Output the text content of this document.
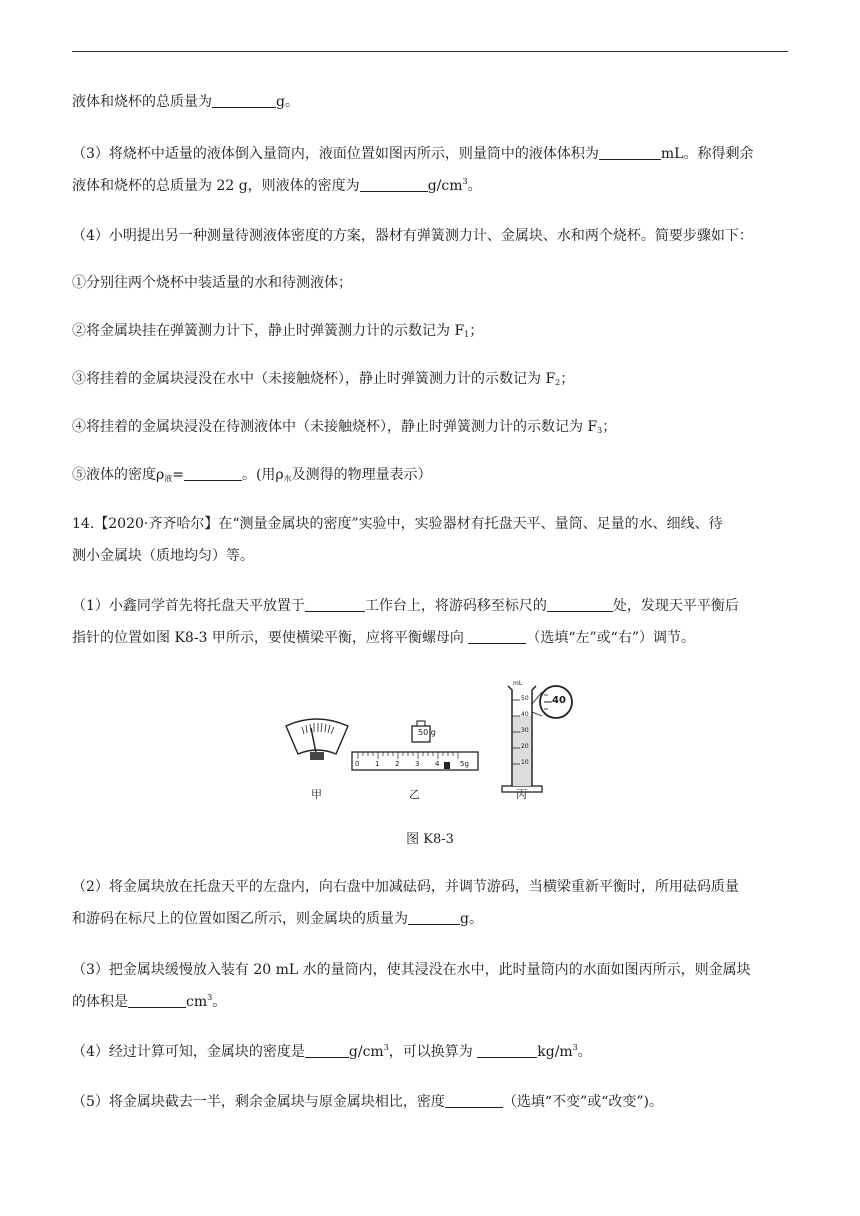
液体和烧杯的总质量为	g。
（3）将烧杯中适量的液体倒入量筒内，液面位置如图丙所示，则量筒中的液体体积为	mL。称得剩余
液体和烧杯的总质量为 22 g，则液体的密度为	$g/cm^3$。
（4）小明提出另一种测量待测液体密度的方案，器材有弹簧测力计、金属块、水和两个烧杯。简要步骤如下：
①分别往两个烧杯中装适量的水和待测液体；
②将金属块挂在弹簧测力计下，静止时弹簧测力计的示数记为 $F_1$；
③将挂着的金属块浸没在水中（未接触烧杯），静止时弹簧测力计的示数记为 $F_2$；
④将挂着的金属块浸没在待测液体中（未接触烧杯），静止时弹簧测力计的示数记为 $F_3$；
⑤液体的密度$\rho_液=$	。(用$\rho_水$及测得的物理量表示）
14.【2020·齐齐哈尔】在“测量金属块的密度”实验中，实验器材有托盘天平、量筒、足量的水、细线、待
测小金属块（质地均匀）等。
（1）小鑫同学首先将托盘天平放置于	工作台上，将游码移至标尺的	处，发现天平平衡后
指针的位置如图 K8-3 甲所示，要使横梁平衡，应将平衡螺母向	（选填“左”或“右”）调节。
50 g
0 1 2 3 4	5g
mL
50
40
30
20
10
40
甲	乙	丙
图 K8-3
（2）将金属块放在托盘天平的左盘内，向右盘中加减砝码，并调节游码，当横梁重新平衡时，所用砝码质量
和游码在标尺上的位置如图乙所示，则金属块的质量为	g。
（3）把金属块缓慢放入装有 20 mL 水的量筒内，使其浸没在水中，此时量筒内的水面如图丙所示，则金属块
的体积是	$cm^3$。
（4）经过计算可知，金属块的密度是	$g/cm^3$，可以换算为	$kg/m^3$。
（5）将金属块截去一半，剩余金属块与原金属块相比，密度	（选填“不变”或“改变”)。
